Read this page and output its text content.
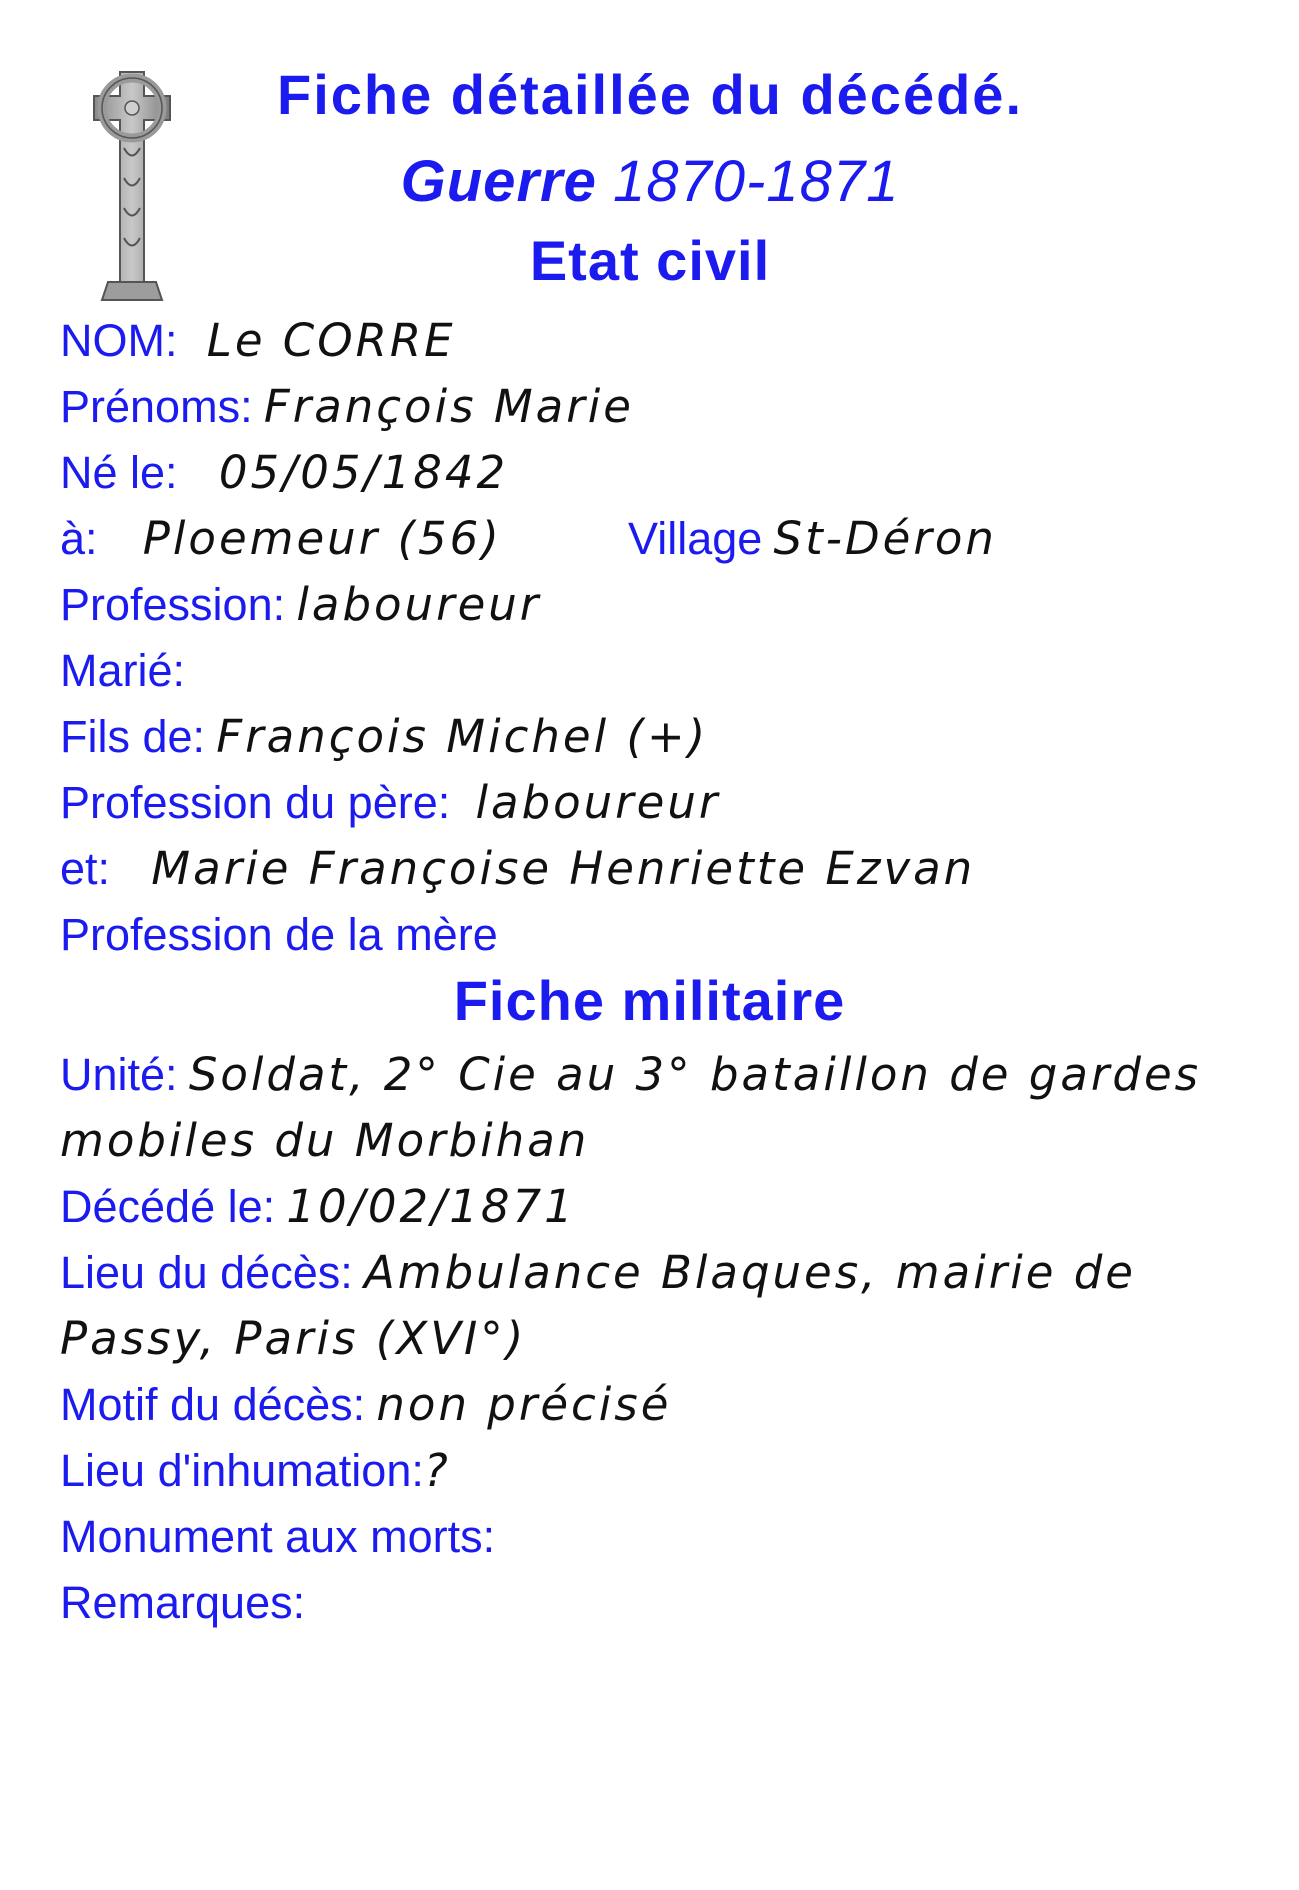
Fiche détaillée du décédé.
Guerre 1870-1871
Etat civil
NOM: Le CORRE
Prénoms: François Marie
Né le: 05/05/1842
à: Ploemeur (56)	Village St-Déron
Profession: laboureur
Marié:
Fils de: François Michel (+)
Profession du père: laboureur
et: Marie Françoise Henriette Ezvan
Profession de la mère
Fiche militaire
Unité: Soldat, 2° Cie au 3° bataillon de gardes
mobiles du Morbihan
Décédé le: 10/02/1871
Lieu du décès: Ambulance Blaques, mairie de
Passy, Paris (XVI°)
Motif du décès: non précisé
Lieu d'inhumation:?
Monument aux morts:
Remarques:
